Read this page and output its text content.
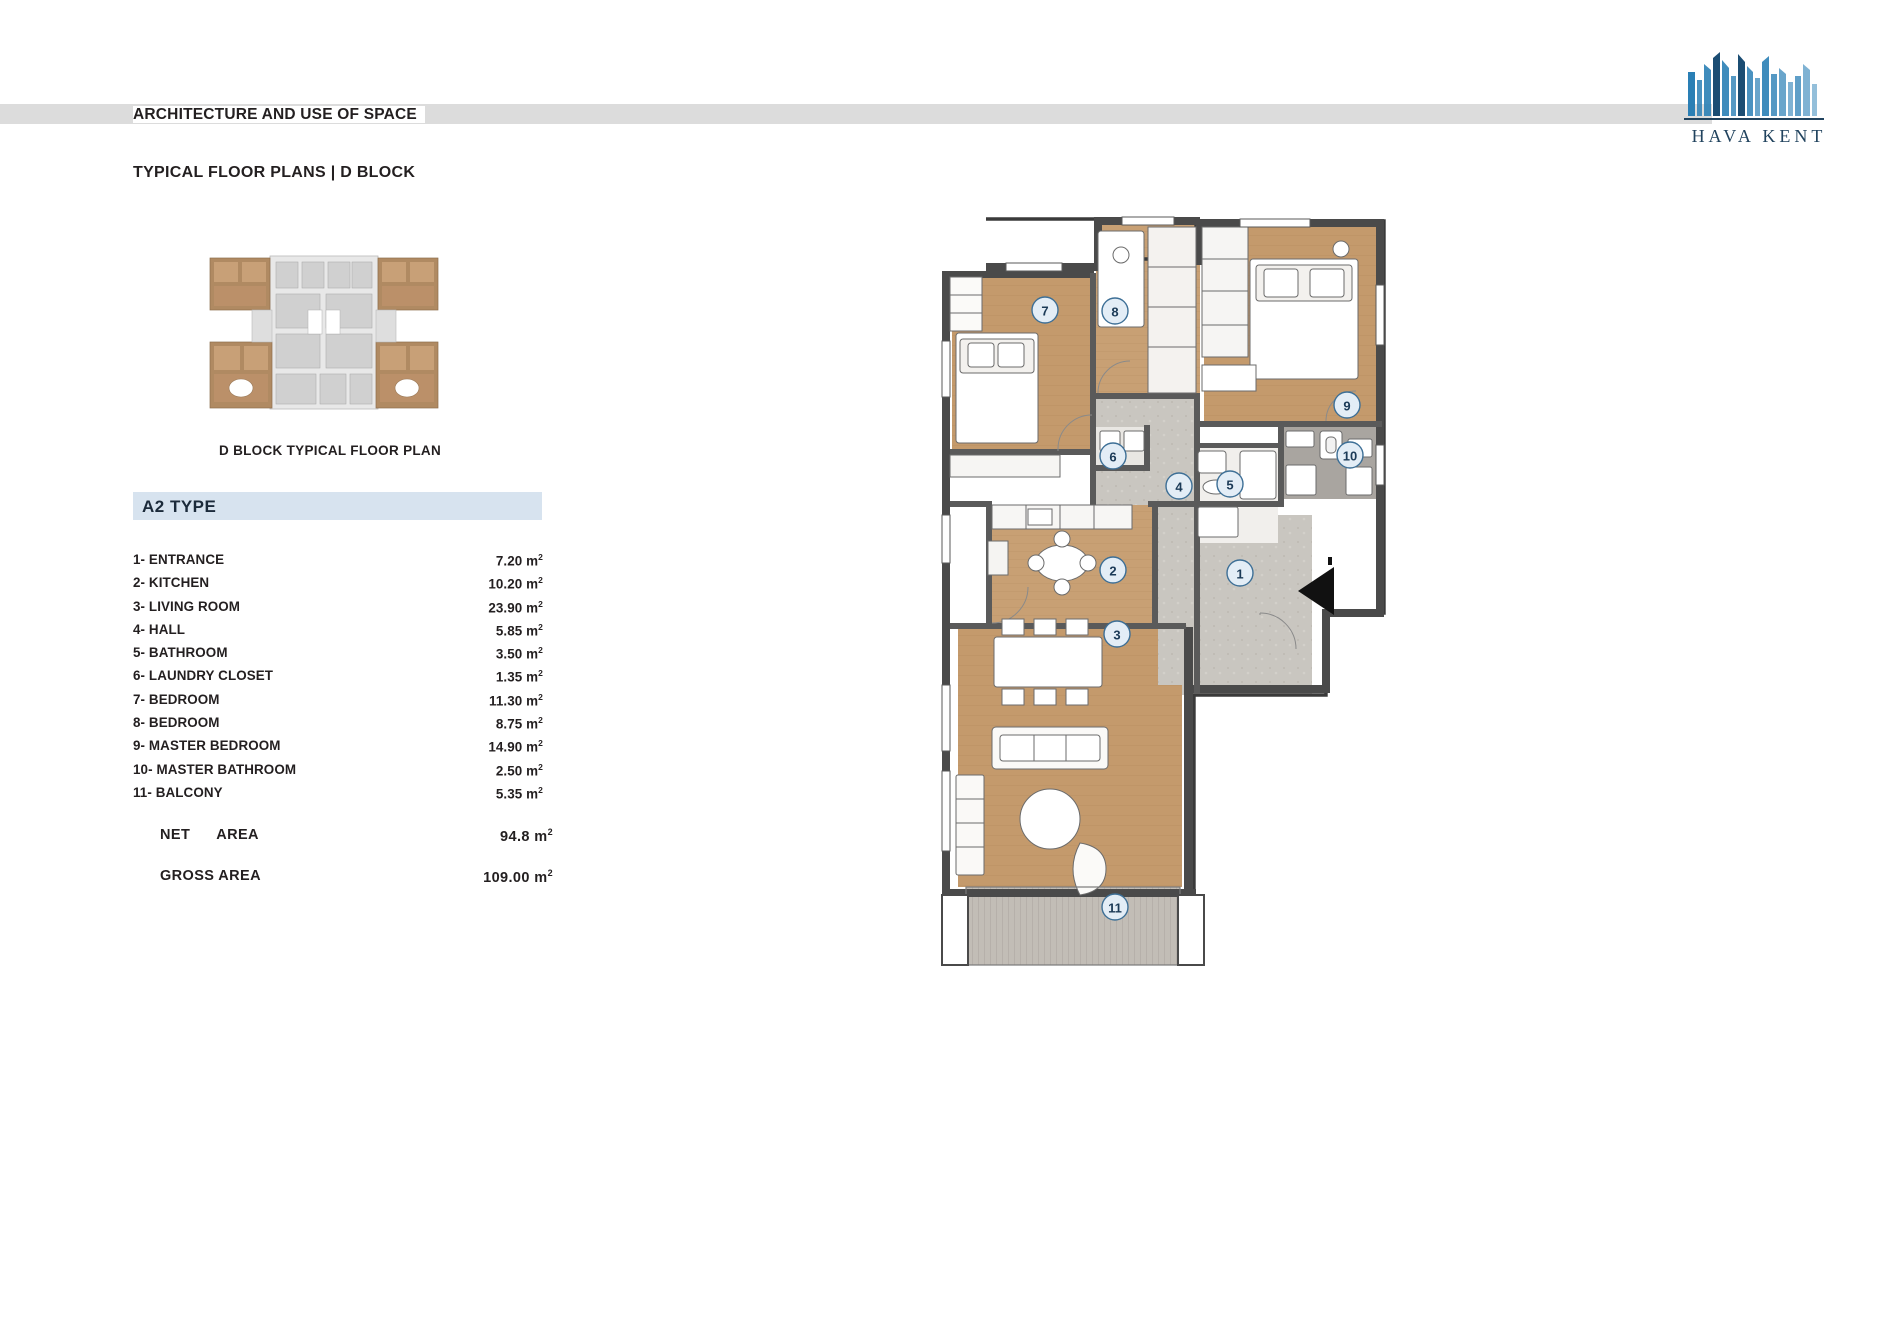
ARCHITECTURE AND USE OF SPACE
TYPICAL FLOOR PLANS | D BLOCK
HAVA KENT
D BLOCK TYPICAL FLOOR PLAN
A2 TYPE
1- ENTRANCE	7.20 $m^2$
2- KITCHEN	10.20 $m^2$
3- LIVING ROOM	23.90 $m^2$
4- HALL	5.85 $m^2$
5- BATHROOM	3.50 $m^2$
6- LAUNDRY CLOSET	1.35 $m^2$
7- BEDROOM	11.30 $m^2$
8- BEDROOM	8.75 $m^2$
9- MASTER BEDROOM	14.90 $m^2$
10- MASTER BATHROOM	2.50 $m^2$
11- BALCONY	5.35 $m^2$
NET AREA	94.8 $m^2$
GROSS AREA	109.00 $m^2$
1
2
3
4	5
6
7	8
9
10
11
